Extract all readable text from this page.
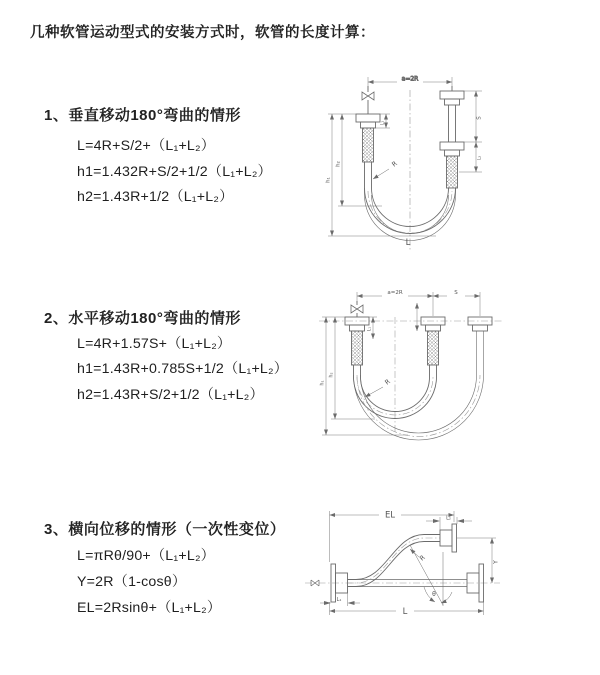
几种软管运动型式的安装方式时，软管的长度计算：
1、垂直移动180°弯曲的情形
L=4R+S/2+（L₁+L₂）
h1=1.432R+S/2+1/2（L₁+L₂）
h2=1.43R+1/2（L₁+L₂）
2、水平移动180°弯曲的情形
L=4R+1.57S+（L₁+L₂）
h1=1.43R+0.785S+1/2（L₁+L₂）
h2=1.43R+S/2+1/2（L₁+L₂）
3、横向位移的情形（一次性变位）
L=πRθ/90+（L₁+L₂）
Y=2R（1-cosθ）
EL=2Rsinθ+（L₁+L₂）
a=2R
R
h₁
h₂
L₁
S
L₂
L
a=2R	S
R
h₁
h₂
L₁
EL	L₂
Y
R
θ
L
L₁
